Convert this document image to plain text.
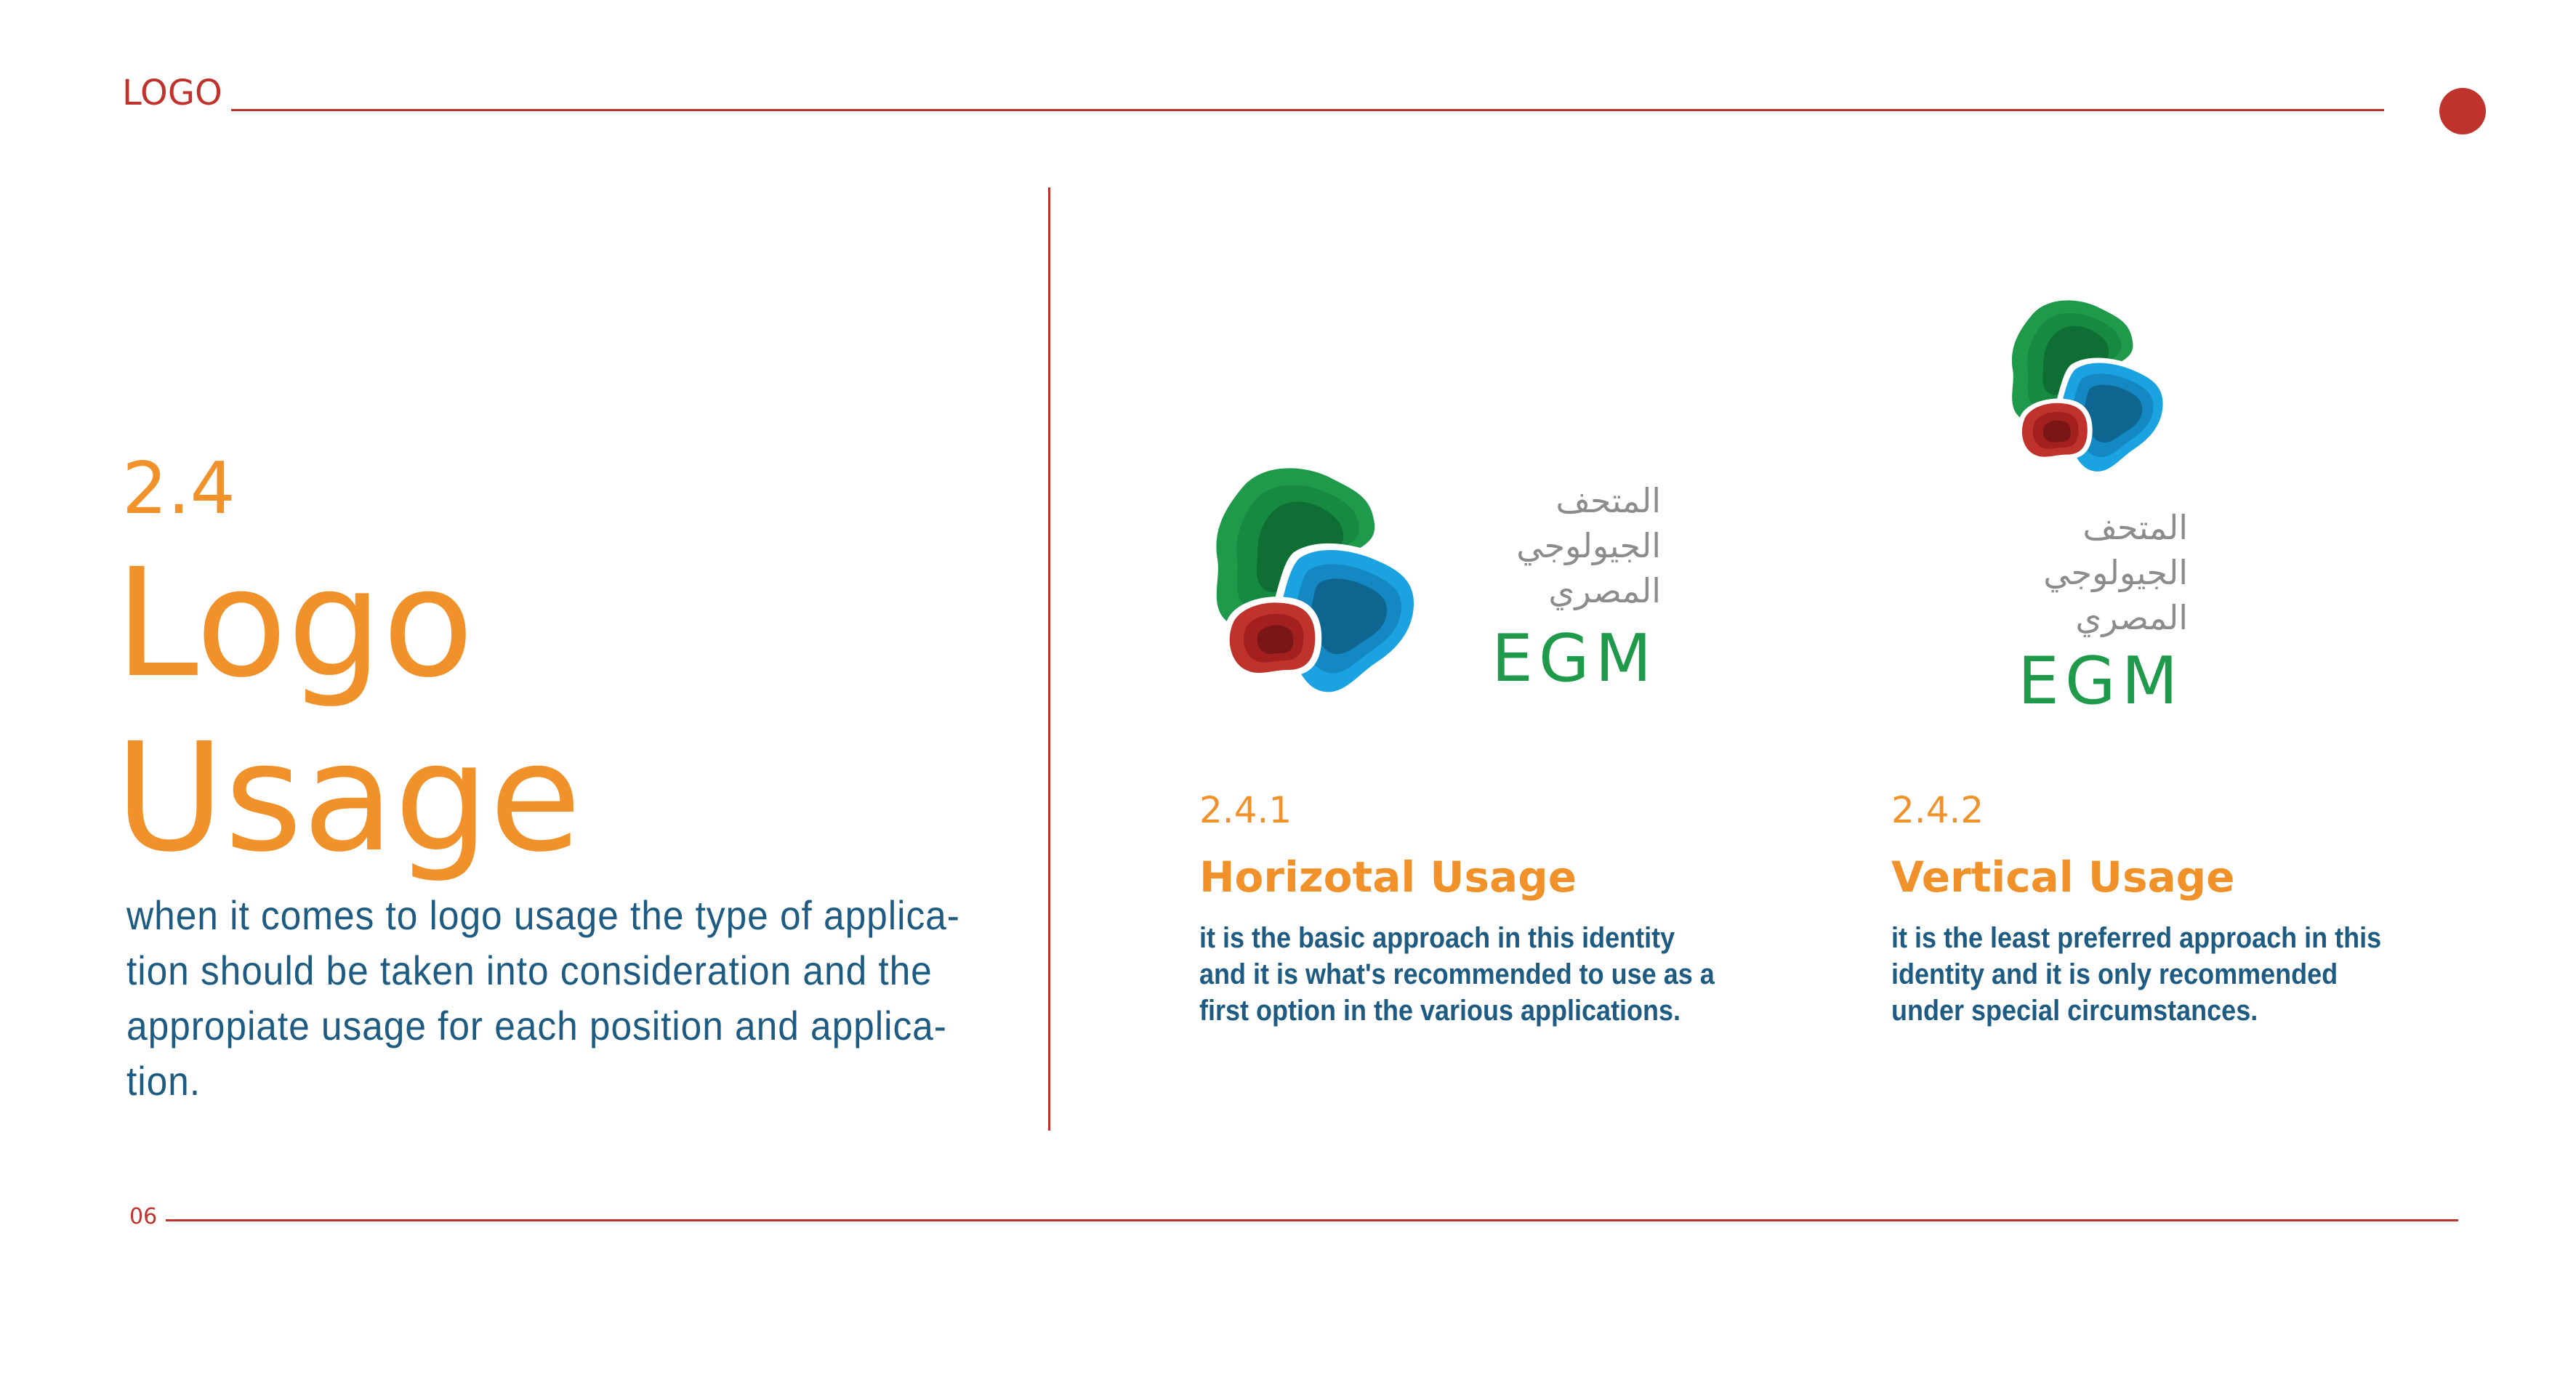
LOGO
2.4
Logo
Usage
when it comes to logo usage the type of applica-
tion should be taken into consideration and the
appropiate usage for each position and applica-
tion.
المتحف
الجيولوجي
المصري
EGM
المتحف
الجيولوجي
المصري
EGM
2.4.1
Horizotal Usage
it is the basic approach in this identity
and it is what's recommended to use as a
first option in the various applications.
2.4.2
Vertical Usage
it is the least preferred approach in this
identity and it is only recommended
under special circumstances.
06
